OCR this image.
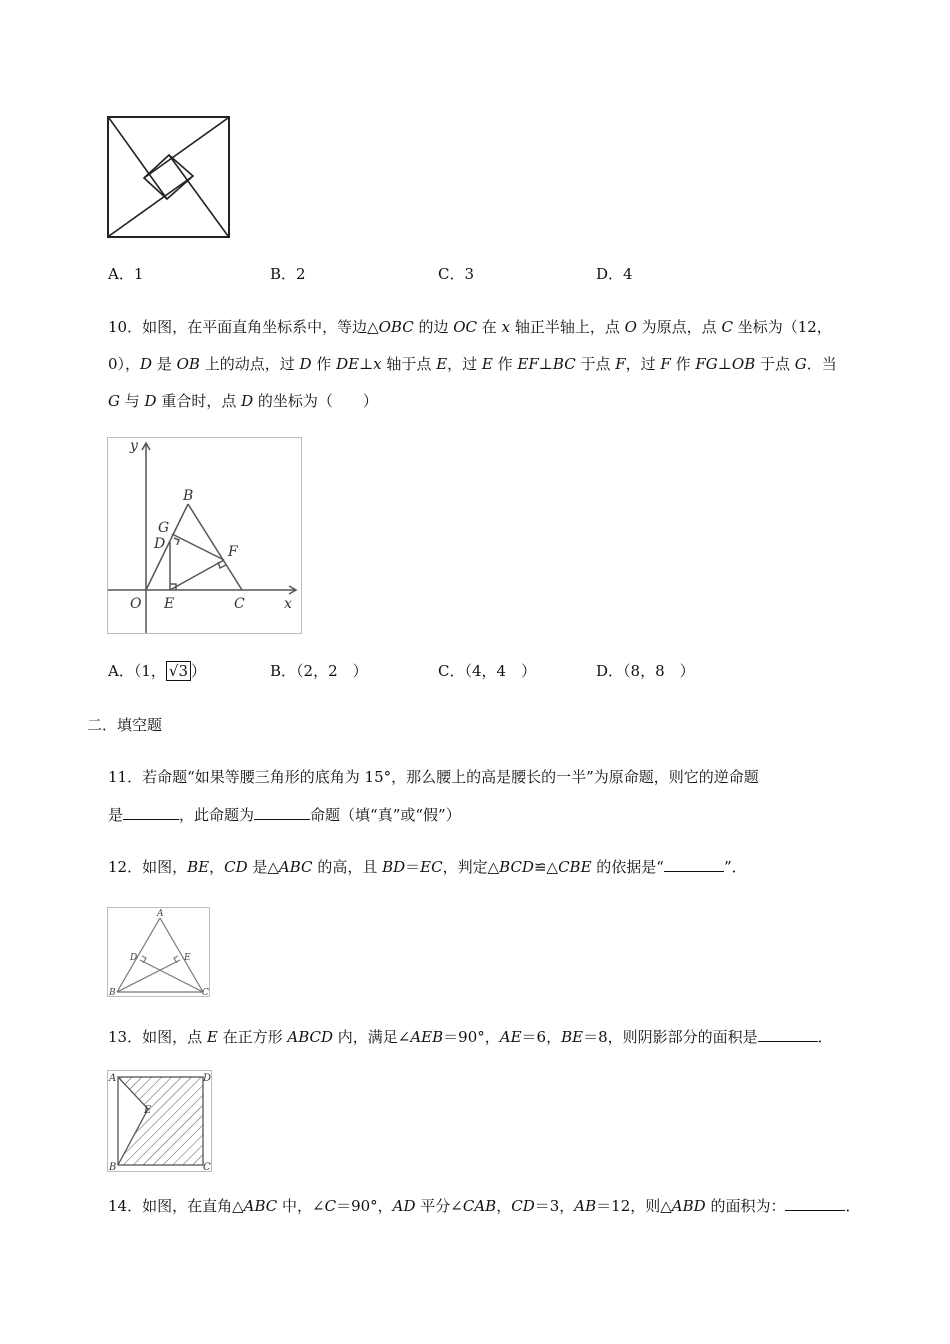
A．1	B．2	C．3	D．4
10．如图，在平面直角坐标系中，等边△OBC 的边 OC 在 x 轴正半轴上，点 O 为原点，点 C 坐标为（12，
0），D 是 OB 上的动点，过 D 作 DE⊥x 轴于点 E，过 E 作 EF⊥BC 于点 F，过 F 作 FG⊥OB 于点 G．当
G 与 D 重合时，点 D 的坐标为（　　）
y
B
G
D	F
O E	C	x
A．（1， √3 ）	B．（2，2　）	C．（4，4　）	D．（8，8　）
二．填空题
11．若命题“如果等腰三角形的底角为 15°，那么腰上的高是腰长的一半”为原命题，则它的逆命题
是	，此命题为	命题（填“真”或“假”）
12．如图，BE，CD 是△ABC 的高，且 BD＝EC，判定△BCD≌△CBE 的依据是“	”．
A
D	E
B	C
13．如图，点 E 在正方形 ABCD 内，满足∠AEB＝90°，AE＝6，BE＝8，则阴影部分的面积是	．
A	D
E
B	C
14．如图，在直角△ABC 中，∠C＝90°，AD 平分∠CAB，CD＝3，AB＝12，则△ABD 的面积为：	．
